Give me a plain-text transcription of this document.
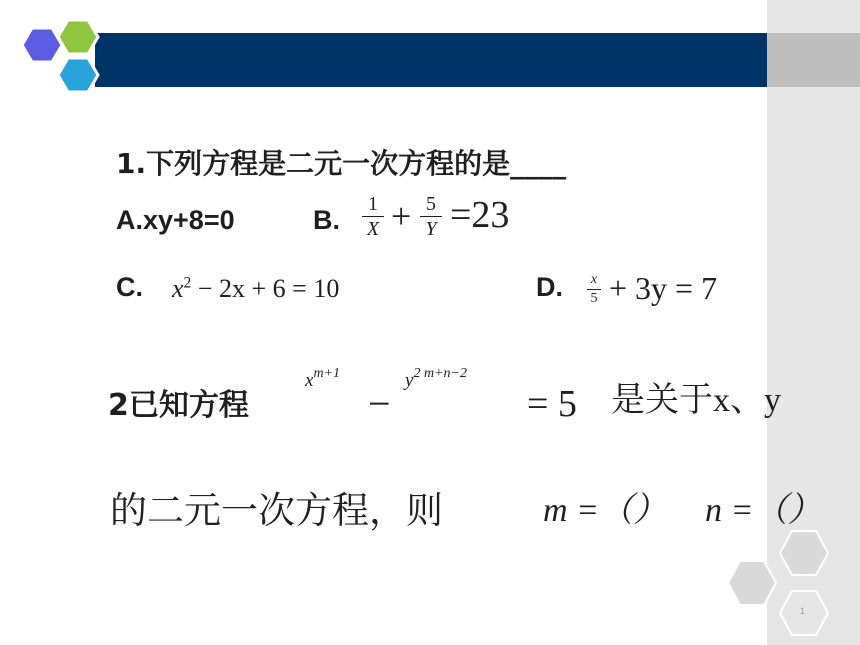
1.下列方程是二元一次方程的是____
A.xy+8=0	B.
1
X + 5
Y =23
C. $x^2 - 2x + 6 = 10$	D. x
5 + 3y = 7
2已知方程
$x^{m+1}$
−
$y^{2 m+n-2}$
= 5 是关于x、y
的二元一次方程，则	m =（） n =（）
1
